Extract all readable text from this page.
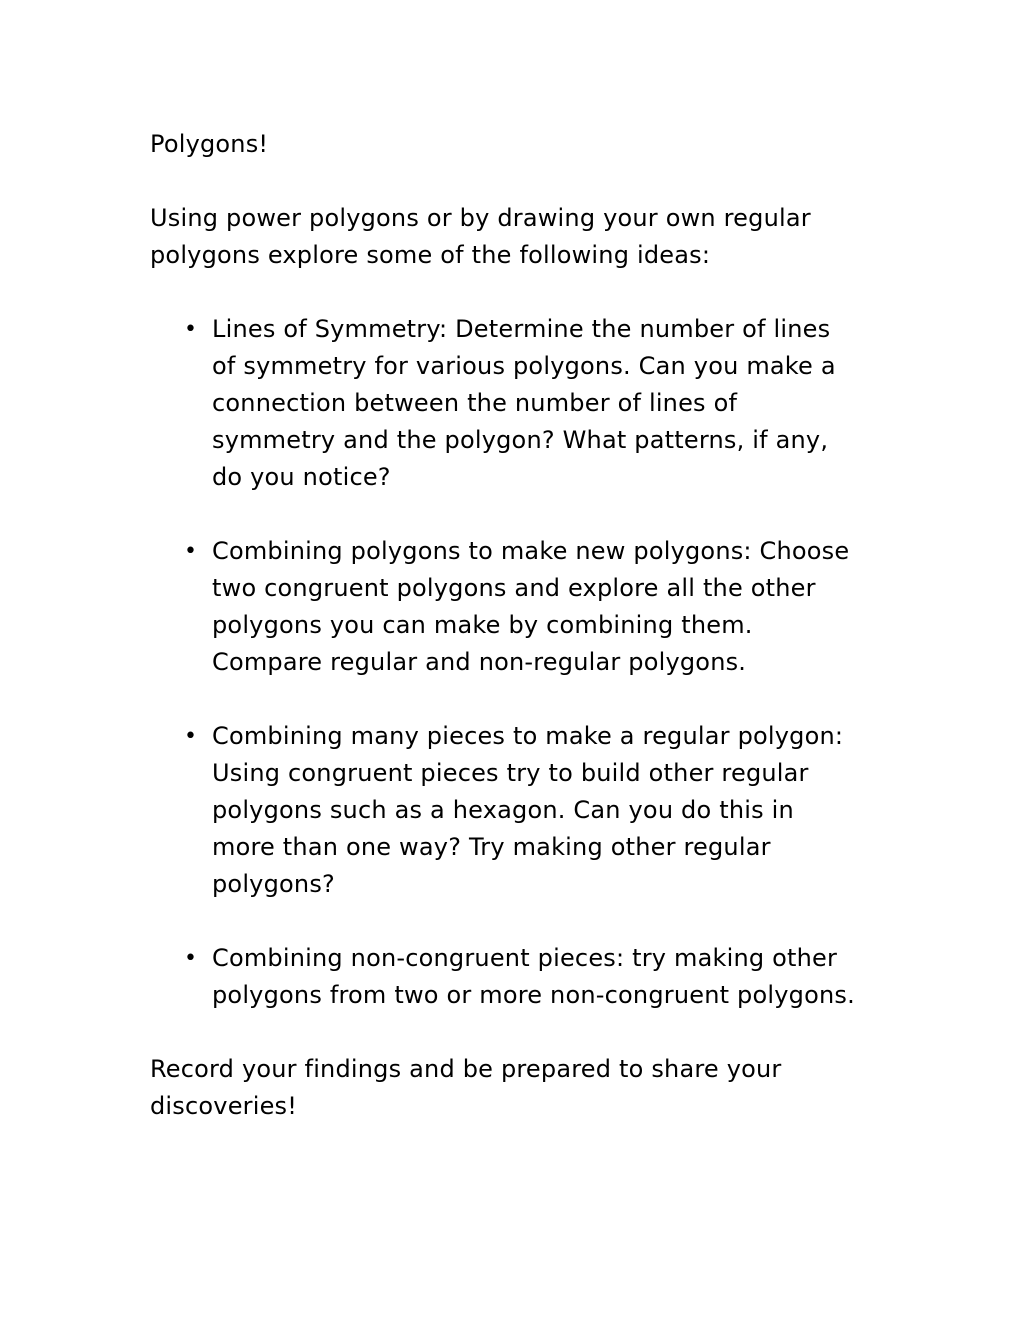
Polygons!
Using power polygons or by drawing your own regular polygons explore some of the following ideas:
• Lines of Symmetry: Determine the number of lines of symmetry for various polygons. Can you make a connection between the number of lines of symmetry and the polygon? What patterns, if any, do you notice?
• Combining polygons to make new polygons: Choose two congruent polygons and explore all the other polygons you can make by combining them. Compare regular and non-regular polygons.
• Combining many pieces to make a regular polygon: Using congruent pieces try to build other regular polygons such as a hexagon. Can you do this in more than one way? Try making other regular polygons?
• Combining non-congruent pieces: try making other polygons from two or more non-congruent polygons.
Record your findings and be prepared to share your discoveries!
